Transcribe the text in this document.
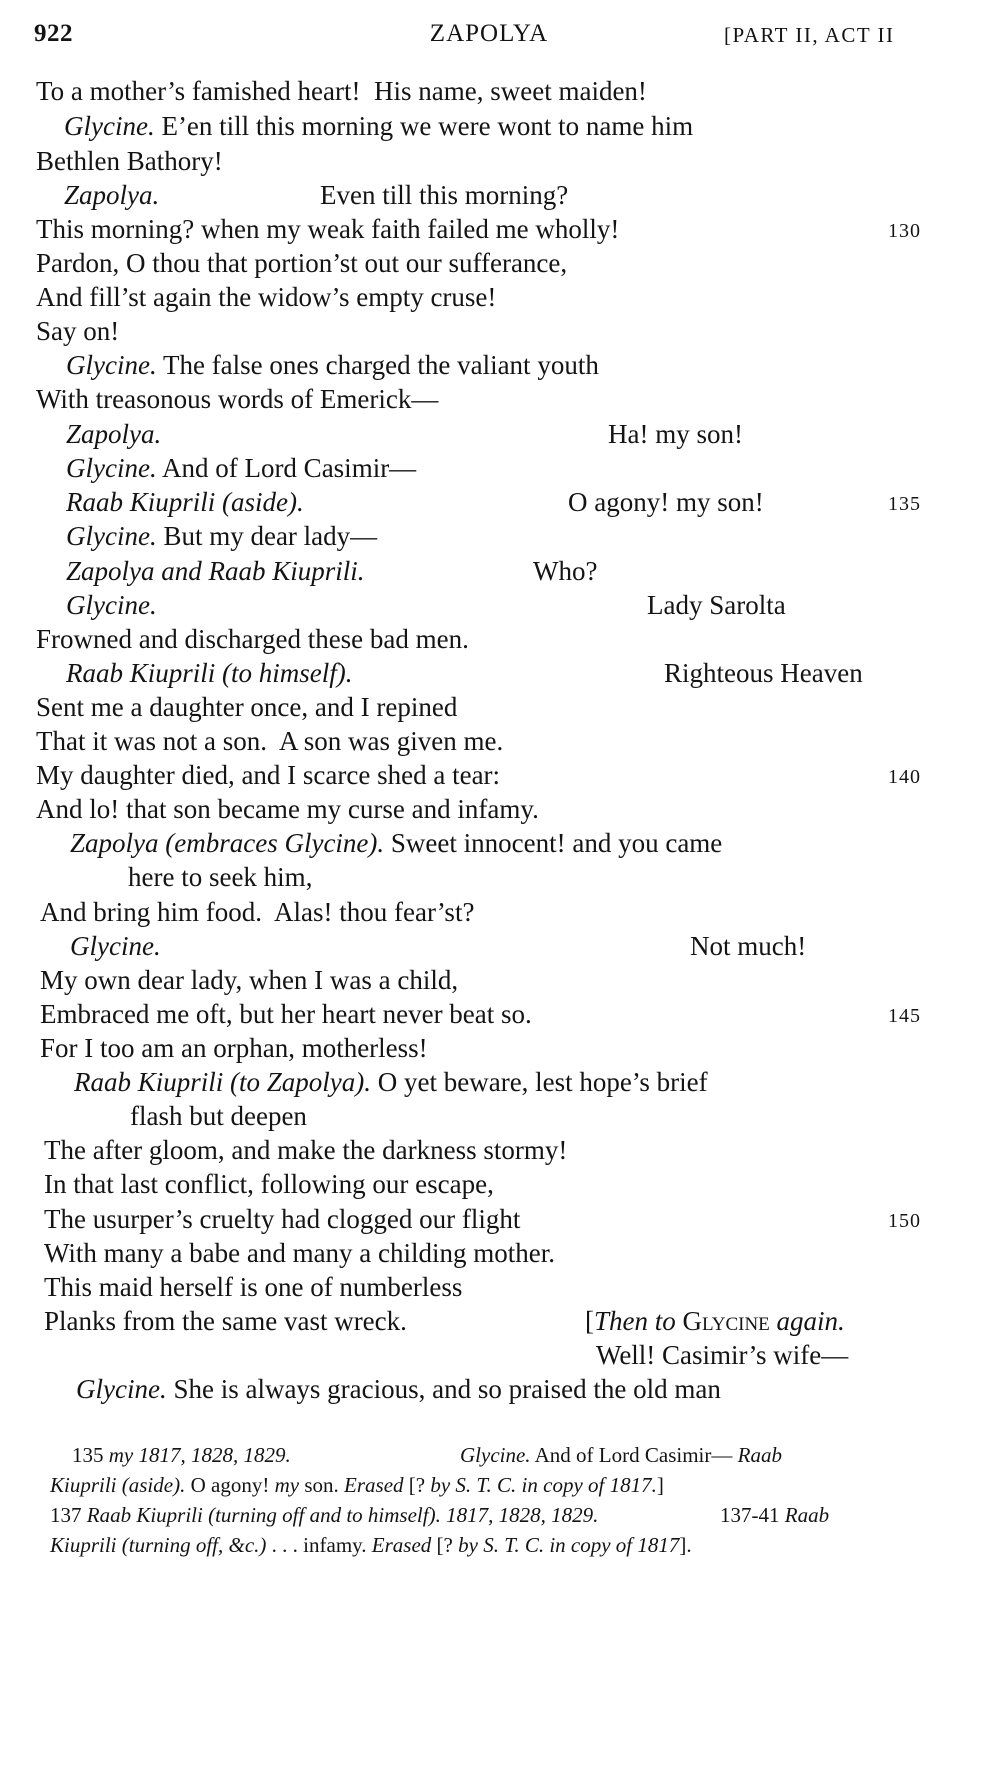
922	ZAPOLYA	[PART II, ACT II
To a mother’s famished heart!  His name, sweet maiden!
Glycine. E’en till this morning we were wont to name him
Bethlen Bathory!
Zapolya.	Even till this morning?
This morning? when my weak faith failed me wholly!	130
Pardon, O thou that portion’st out our sufferance,
And fill’st again the widow’s empty cruse!
Say on!
Glycine. The false ones charged the valiant youth
With treasonous words of Emerick—
Zapolya.	Ha! my son!
Glycine. And of Lord Casimir—
Raab Kiuprili (aside).	O agony! my son!	135
Glycine. But my dear lady—
Zapolya and Raab Kiuprili.	Who?
Glycine.	Lady Sarolta
Frowned and discharged these bad men.
Raab Kiuprili (to himself).	Righteous Heaven
Sent me a daughter once, and I repined
That it was not a son.  A son was given me.
My daughter died, and I scarce shed a tear:	140
And lo! that son became my curse and infamy.
Zapolya (embraces Glycine). Sweet innocent! and you came
here to seek him,
And bring him food.  Alas! thou fear’st?
Glycine.	Not much!
My own dear lady, when I was a child,
Embraced me oft, but her heart never beat so.	145
For I too am an orphan, motherless!
Raab Kiuprili (to Zapolya). O yet beware, lest hope’s brief
flash but deepen
The after gloom, and make the darkness stormy!
In that last conflict, following our escape,
The usurper’s cruelty had clogged our flight	150
With many a babe and many a childing mother.
This maid herself is one of numberless
Planks from the same vast wreck.	[Then to Glycine again.
Well! Casimir’s wife—
Glycine. She is always gracious, and so praised the old man
135 my 1817, 1828, 1829.	Glycine. And of Lord Casimir— Raab
Kiuprili (aside). O agony! my son. Erased [? by S. T. C. in copy of 1817.]
137 Raab Kiuprili (turning off and to himself). 1817, 1828, 1829.	137-41 Raab
Kiuprili (turning off, &c.) . . . infamy. Erased [? by S. T. C. in copy of 1817].
